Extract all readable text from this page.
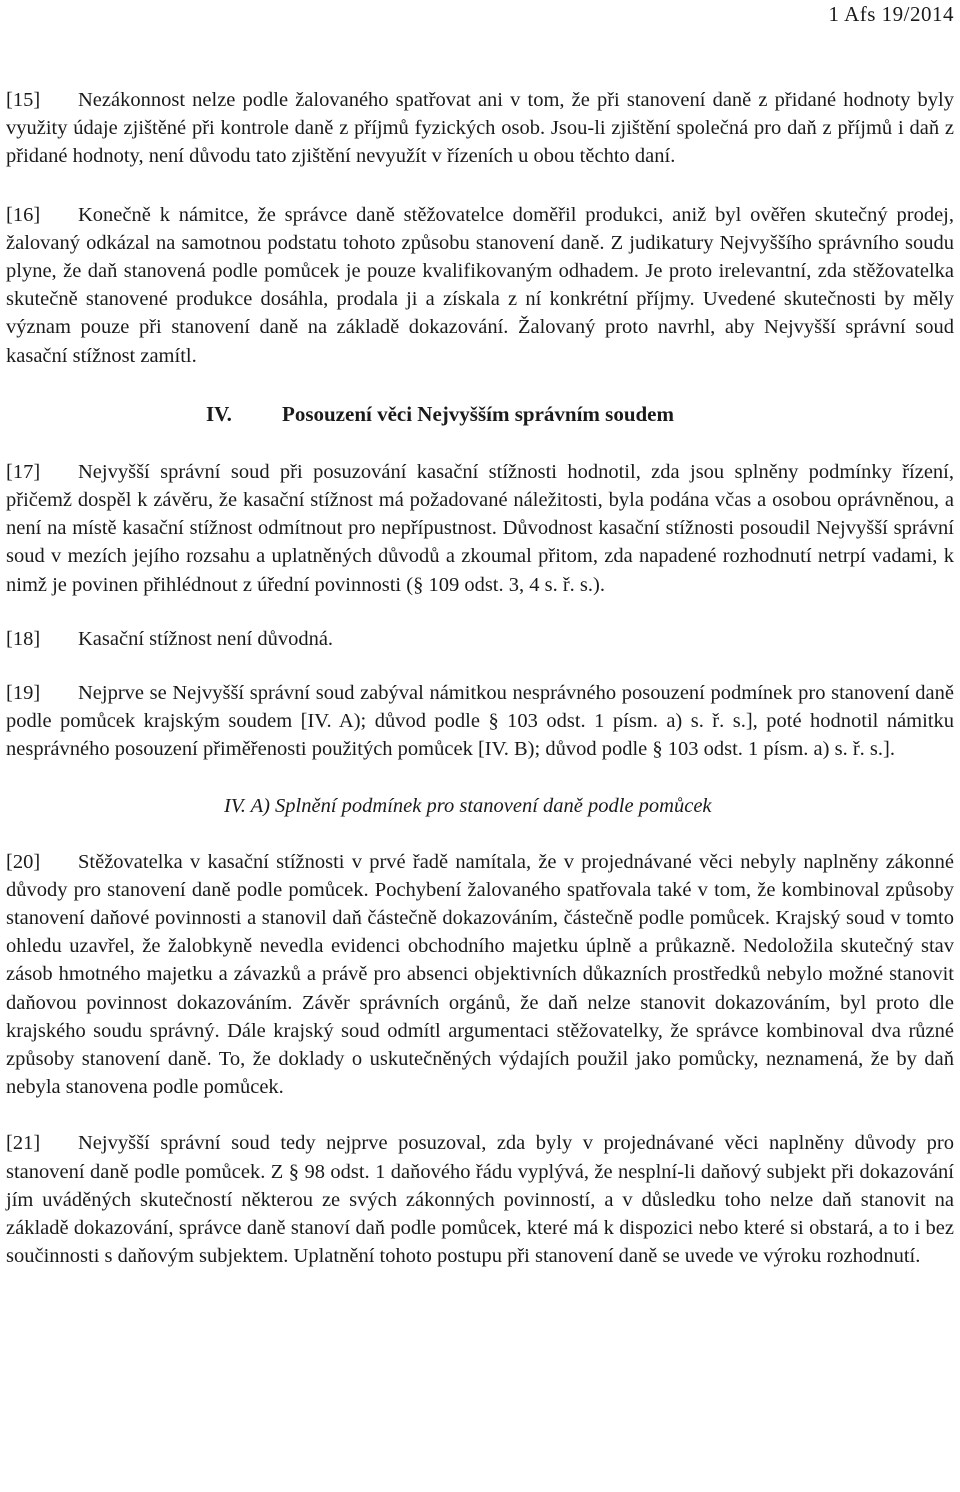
1 Afs 19/2014

[15] Nezákonnost nelze podle žalovaného spatřovat ani v tom, že při stanovení daně z přidané hodnoty byly využity údaje zjištěné při kontrole daně z příjmů fyzických osob. Jsou-li zjištění společná pro daň z příjmů i daň z přidané hodnoty, není důvodu tato zjištění nevyužít v řízeních u obou těchto daní.

[16] Konečně k námitce, že správce daně stěžovatelce doměřil produkci, aniž byl ověřen skutečný prodej, žalovaný odkázal na samotnou podstatu tohoto způsobu stanovení daně. Z judikatury Nejvyššího správního soudu plyne, že daň stanovená podle pomůcek je pouze kvalifikovaným odhadem. Je proto irelevantní, zda stěžovatelka skutečně stanovené produkce dosáhla, prodala ji a získala z ní konkrétní příjmy. Uvedené skutečnosti by měly význam pouze při stanovení daně na základě dokazování. Žalovaný proto navrhl, aby Nejvyšší správní soud kasační stížnost zamítl.

IV. Posouzení věci Nejvyšším správním soudem

[17] Nejvyšší správní soud při posuzování kasační stížnosti hodnotil, zda jsou splněny podmínky řízení, přičemž dospěl k závěru, že kasační stížnost má požadované náležitosti, byla podána včas a osobou oprávněnou, a není na místě kasační stížnost odmítnout pro nepřípustnost. Důvodnost kasační stížnosti posoudil Nejvyšší správní soud v mezích jejího rozsahu a uplatněných důvodů a zkoumal přitom, zda napadené rozhodnutí netrpí vadami, k nimž je povinen přihlédnout z úřední povinnosti (§ 109 odst. 3, 4 s. ř. s.).

[18] Kasační stížnost není důvodná.

[19] Nejprve se Nejvyšší správní soud zabýval námitkou nesprávného posouzení podmínek pro stanovení daně podle pomůcek krajským soudem [IV. A); důvod podle § 103 odst. 1 písm. a) s. ř. s.], poté hodnotil námitku nesprávného posouzení přiměřenosti použitých pomůcek [IV. B); důvod podle § 103 odst. 1 písm. a) s. ř. s.].

IV. A) Splnění podmínek pro stanovení daně podle pomůcek

[20] Stěžovatelka v kasační stížnosti v prvé řadě namítala, že v projednávané věci nebyly naplněny zákonné důvody pro stanovení daně podle pomůcek. Pochybení žalovaného spatřovala také v tom, že kombinoval způsoby stanovení daňové povinnosti a stanovil daň částečně dokazováním, částečně podle pomůcek. Krajský soud v tomto ohledu uzavřel, že žalobkyně nevedla evidenci obchodního majetku úplně a průkazně. Nedoložila skutečný stav zásob hmotného majetku a závazků a právě pro absenci objektivních důkazních prostředků nebylo možné stanovit daňovou povinnost dokazováním. Závěr správních orgánů, že daň nelze stanovit dokazováním, byl proto dle krajského soudu správný. Dále krajský soud odmítl argumentaci stěžovatelky, že správce kombinoval dva různé způsoby stanovení daně. To, že doklady o uskutečněných výdajích použil jako pomůcky, neznamená, že by daň nebyla stanovena podle pomůcek.

[21] Nejvyšší správní soud tedy nejprve posuzoval, zda byly v projednávané věci naplněny důvody pro stanovení daně podle pomůcek. Z § 98 odst. 1 daňového řádu vyplývá, že nesplní-li daňový subjekt při dokazování jím uváděných skutečností některou ze svých zákonných povinností, a v důsledku toho nelze daň stanovit na základě dokazování, správce daně stanoví daň podle pomůcek, které má k dispozici nebo které si obstará, a to i bez součinnosti s daňovým subjektem. Uplatnění tohoto postupu při stanovení daně se uvede ve výroku rozhodnutí.
